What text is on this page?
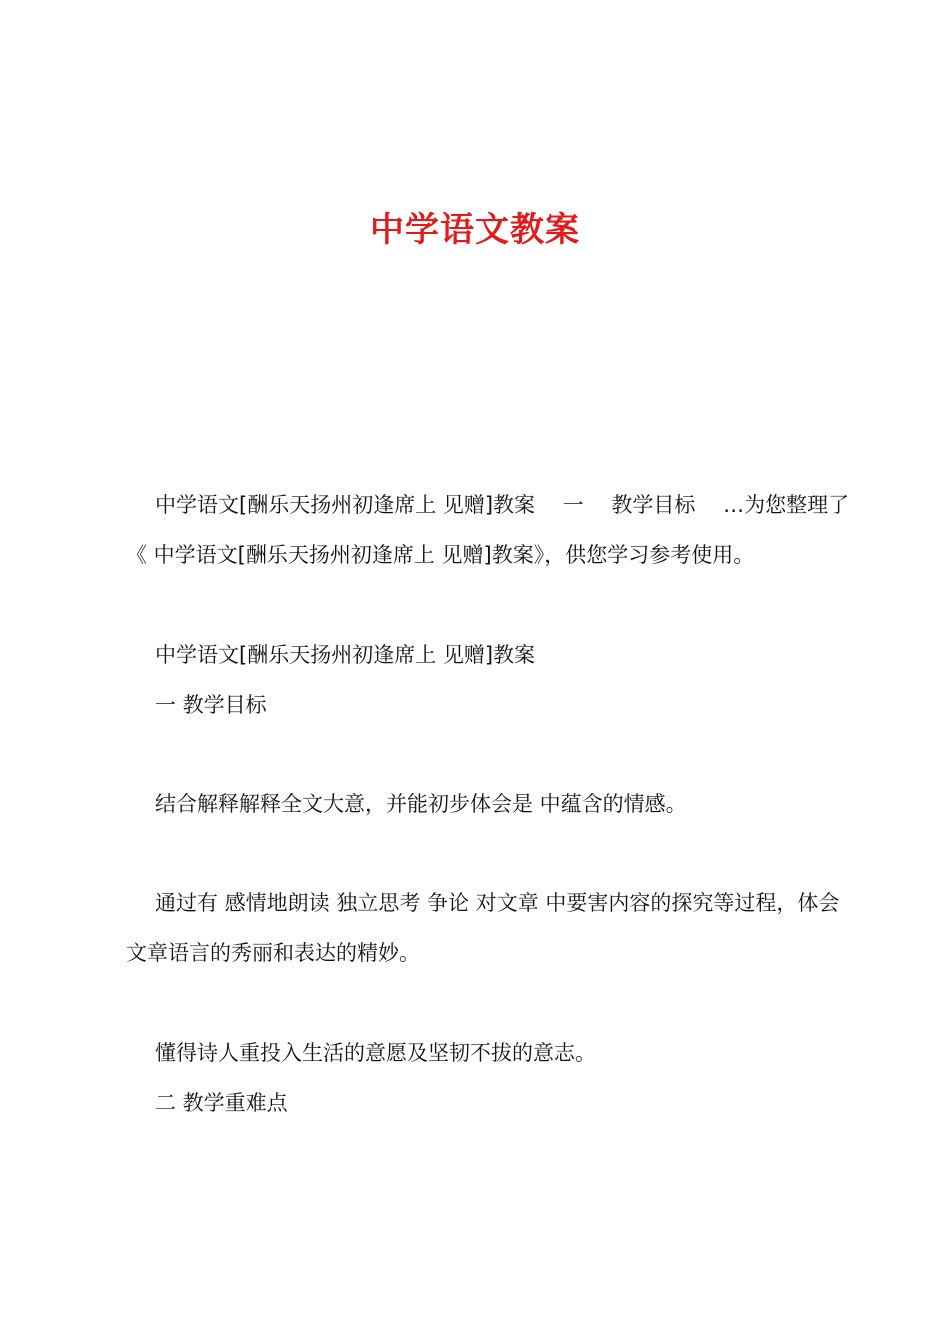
中学语文教案

中学语文[酬乐天扬州初逢席上 见赠]教案　 一　 教学目标　 …为您整理了《 中学语文[酬乐天扬州初逢席上 见赠]教案》，供您学习参考使用。

中学语文[酬乐天扬州初逢席上 见赠]教案
一 教学目标
结合解释解释全文大意，并能初步体会是 中蕴含的情感。

通过有 感情地朗读 独立思考 争论 对文章 中要害内容的探究等过程，体会文章语言的秀丽和表达的精妙。

懂得诗人重投入生活的意愿及坚韧不拔的意志。
二 教学重难点
